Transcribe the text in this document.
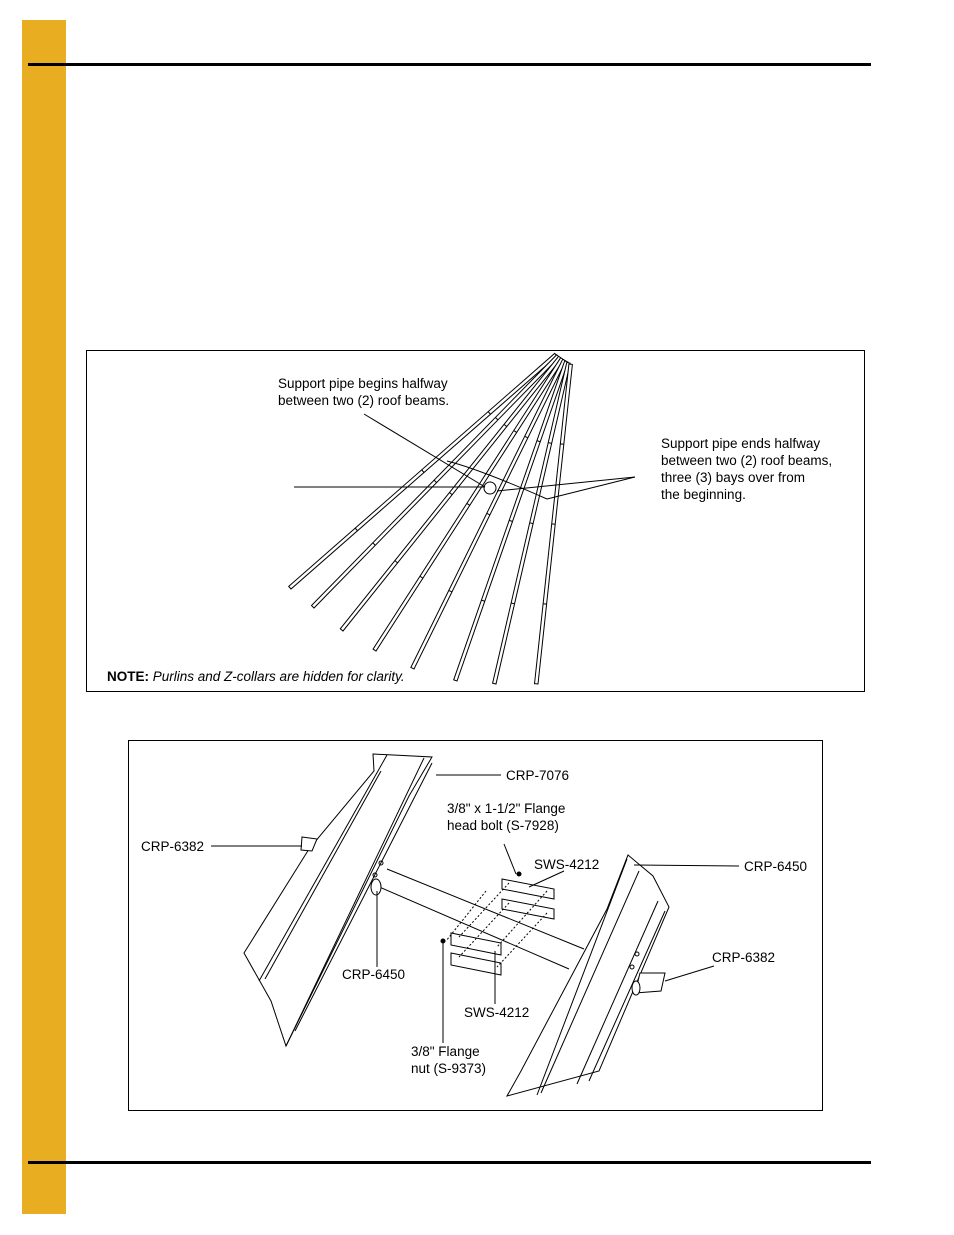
Support pipe begins halfway
between two (2) roof beams.
Support pipe ends halfway
between two (2) roof beams,
three (3) bays over from
the beginning.
NOTE: Purlins and Z-collars are hidden for clarity.
CRP-7076
3/8" x 1-1/2" Flange
head bolt (S-7928)
CRP-6382
SWS-4212	CRP-6450
CRP-6382
CRP-6450
SWS-4212
3/8" Flange
nut (S-9373)
